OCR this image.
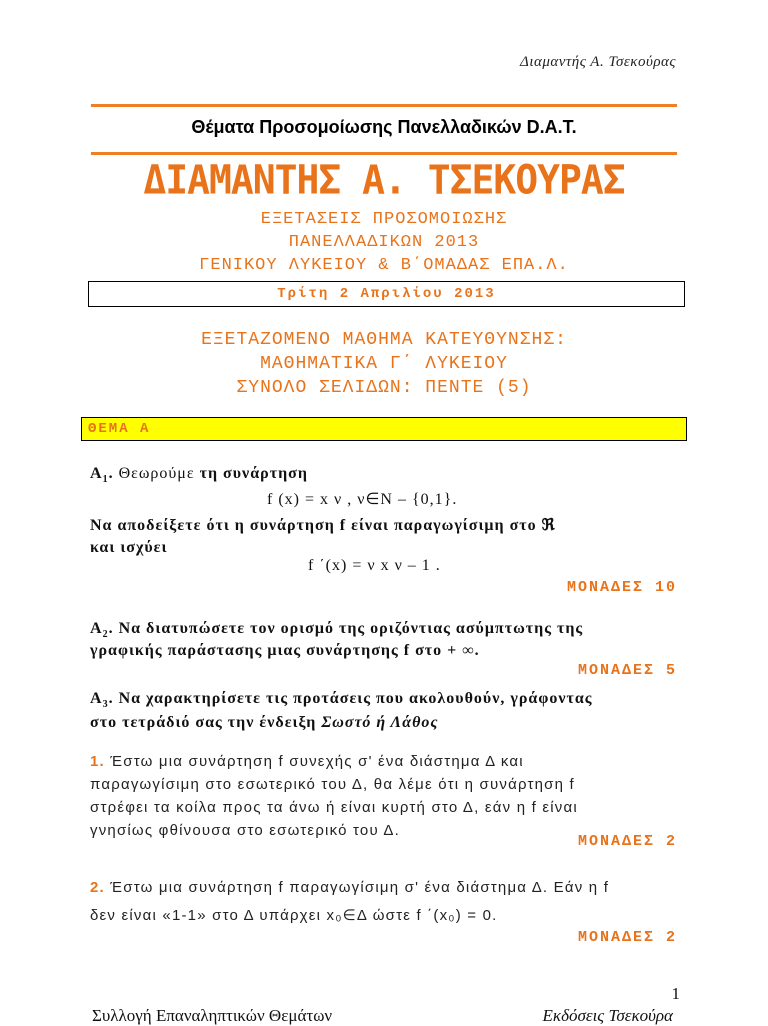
Διαμαντής Α. Τσεκούρας
Θέματα Προσομοίωσης Πανελλαδικών D.A.T.
ΔΙΑΜΑΝΤΗΣ Α. ΤΣΕΚΟΥΡΑΣ
ΕΞΕΤΑΣΕΙΣ ΠΡΟΣΟΜΟΙΩΣΗΣ
ΠΑΝΕΛΛΑΔΙΚΩΝ 2013
ΓΕΝΙΚΟΥ ΛΥΚΕΙΟΥ & Β΄ΟΜΑΔΑΣ ΕΠΑ.Λ.
Τρίτη 2 Απριλίου 2013
ΕΞΕΤΑΖΟΜΕΝΟ ΜΑΘΗΜΑ ΚΑΤΕΥΘΥΝΣΗΣ:
ΜΑΘΗΜΑΤΙΚΑ Γ΄ ΛΥΚΕΙΟΥ
ΣΥΝΟΛΟ ΣΕΛΙΔΩΝ: ΠΕΝΤΕ (5)
ΘΕΜΑ Α
$A_1$. Θεωρούμε τη συνάρτηση
f (x) = x ν , ν∈N – {0,1}.
Να αποδείξετε ότι η συνάρτηση f είναι παραγωγίσιμη στο ℜ
και ισχύει
f ΄(x) = ν x ν – 1 .
ΜΟΝΑΔΕΣ 10
$A_2$. Να διατυπώσετε τον ορισμό της οριζόντιας ασύμπτωτης της
γραφικής παράστασης μιας συνάρτησης f στο + ∞.
ΜΟΝΑΔΕΣ 5
$A_3$. Να χαρακτηρίσετε τις προτάσεις που ακολουθούν, γράφοντας
στο τετράδιό σας την ένδειξη Σωστό ή Λάθος
1. Έστω μια συνάρτηση f συνεχής σ' ένα διάστημα Δ και
παραγωγίσιμη στο εσωτερικό του Δ, θα λέμε ότι η συνάρτηση f
στρέφει τα κοίλα προς τα άνω ή είναι κυρτή στο Δ, εάν η f είναι
γνησίως φθίνουσα στο εσωτερικό του Δ.
ΜΟΝΑΔΕΣ 2
2. Έστω μια συνάρτηση f παραγωγίσιμη σ' ένα διάστημα Δ. Εάν η f
δεν είναι «1-1» στο Δ υπάρχει x₀∈Δ ώστε f ΄(x₀) = 0.
ΜΟΝΑΔΕΣ 2
1
Συλλογή Επαναληπτικών Θεμάτων	Εκδόσεις Τσεκούρα
